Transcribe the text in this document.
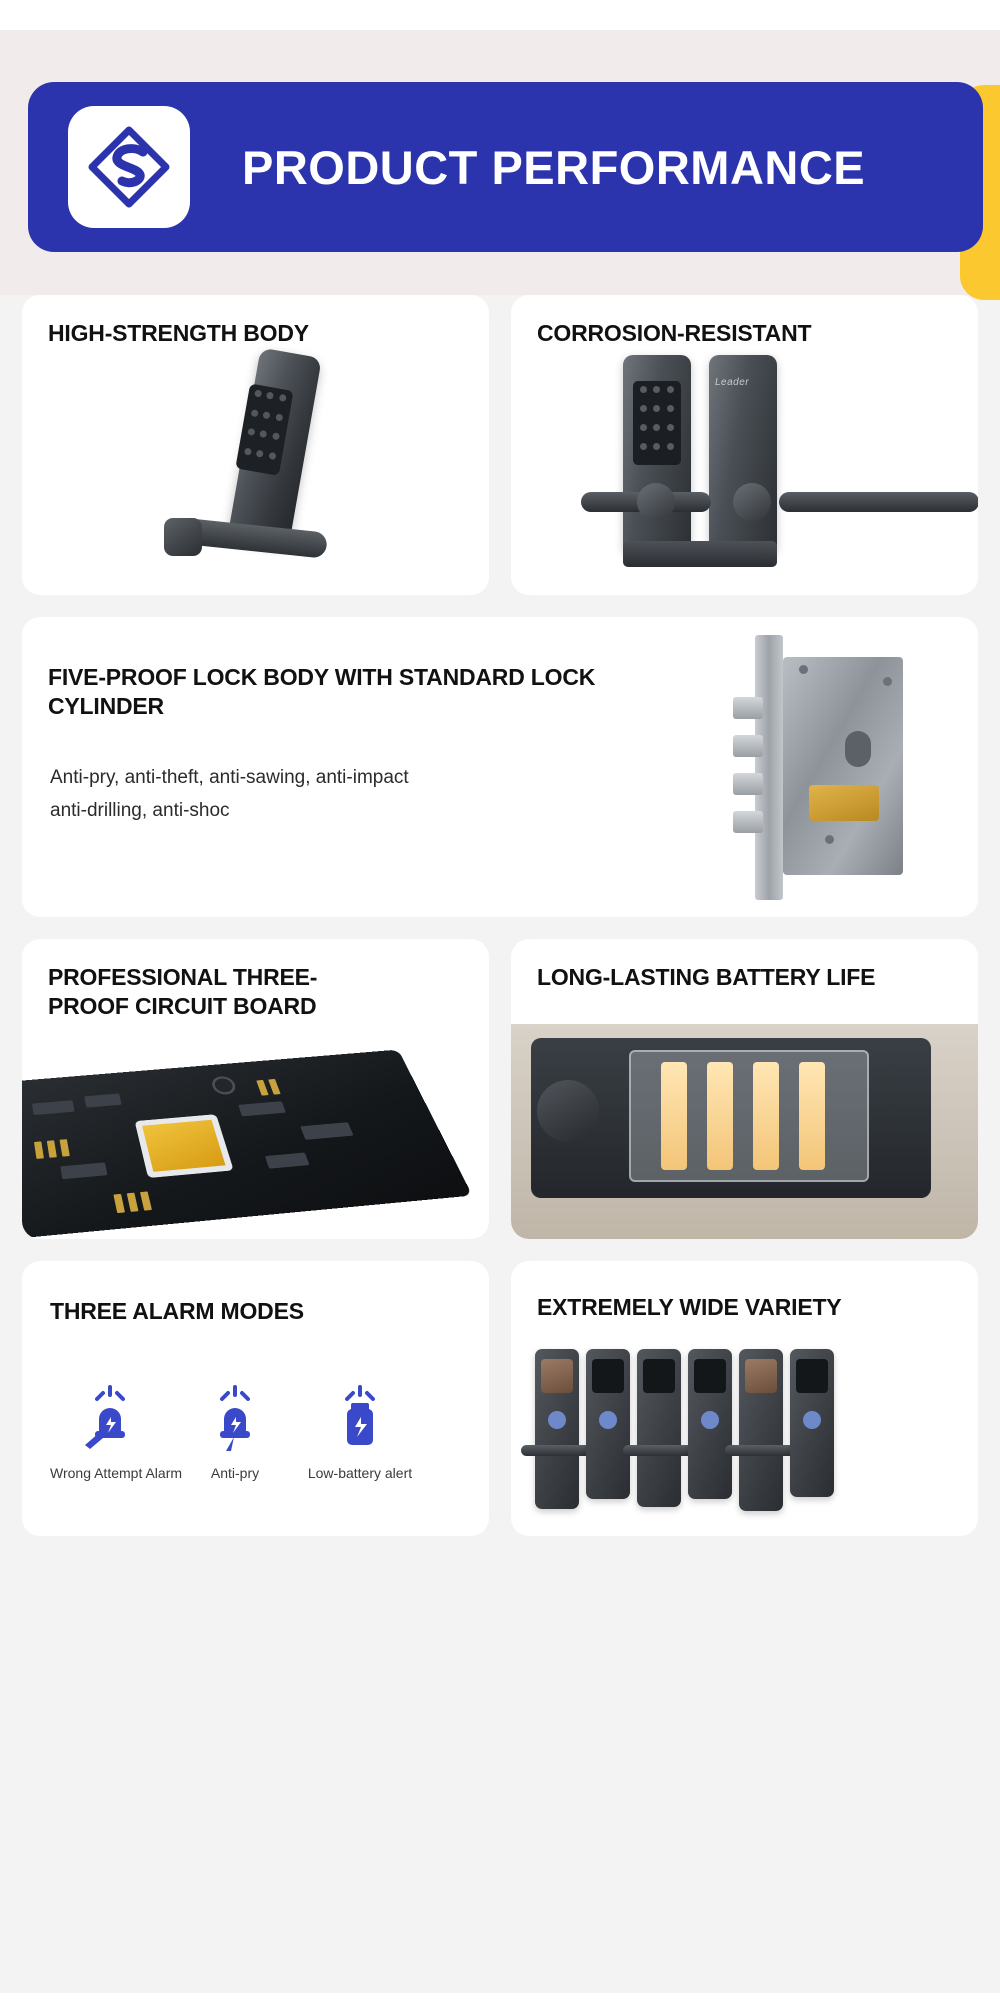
PRODUCT PERFORMANCE
HIGH-STRENGTH BODY	CORROSION-RESISTANT
Leader
FIVE-PROOF LOCK BODY WITH STANDARD LOCK CYLINDER
Anti-pry, anti-theft, anti-sawing, anti-impact
anti-drilling, anti-shoc
PROFESSIONAL THREE-PROOF CIRCUIT BOARD
LONG-LASTING BATTERY LIFE
THREE ALARM MODES
Wrong Attempt Alarm	Anti-pry	Low-battery alert
EXTREMELY WIDE VARIETY
